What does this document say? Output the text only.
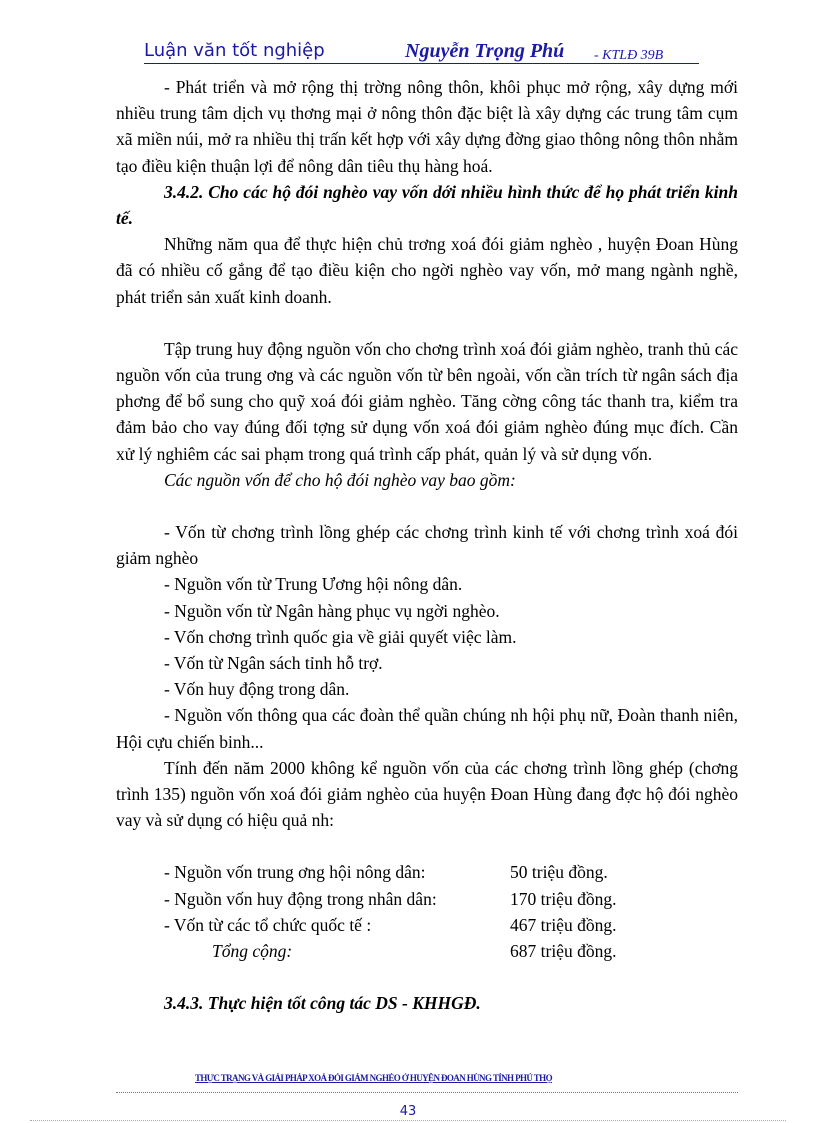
Luận văn tốt nghiệp	Nguyễn Trọng Phú - KTLĐ 39B

- Phát triển và mở rộng thị trờng nông thôn, khôi phục mở rộng, xây dựng mới nhiều trung tâm dịch vụ thơng mại ở nông thôn đặc biệt là xây dựng các trung tâm cụm xã miền núi, mở ra nhiều thị trấn kết hợp với xây dựng đờng giao thông nông thôn nhằm tạo điều kiện thuận lợi để nông dân tiêu thụ hàng hoá.

3.4.2. Cho các hộ đói nghèo vay vốn dới nhiều hình thức để họ phát triển kinh tế.

Những năm qua để thực hiện chủ trơng xoá đói giảm nghèo , huyện Đoan Hùng đã có nhiều cố gắng để tạo điều kiện cho ngời nghèo vay vốn, mở mang ngành nghề, phát triển sản xuất kinh doanh.

Tập trung huy động nguồn vốn cho chơng trình xoá đói giảm nghèo, tranh thủ các nguồn vốn của trung ơng và các nguồn vốn từ bên ngoài, vốn cần trích từ ngân sách địa phơng để bổ sung cho quỹ xoá đói giảm nghèo. Tăng cờng công tác thanh tra, kiểm tra đảm bảo cho vay đúng đối tợng sử dụng vốn xoá đói giảm nghèo đúng mục đích. Cần xử lý nghiêm các sai phạm trong quá trình cấp phát, quản lý và sử dụng vốn.

Các nguồn vốn để cho hộ đói nghèo vay bao gồm:

- Vốn từ chơng trình lồng ghép các chơng trình kinh tế với chơng trình xoá đói giảm nghèo

- Nguồn vốn từ Trung Ương hội nông dân.

- Nguồn vốn từ Ngân hàng phục vụ ngời nghèo.

- Vốn chơng trình quốc gia về giải quyết việc làm.

- Vốn từ Ngân sách tỉnh hỗ trợ.

- Vốn huy động trong dân.

- Nguồn vốn thông qua các đoàn thể quần chúng nh hội phụ nữ, Đoàn thanh niên, Hội cựu chiến binh...

Tính đến năm 2000 không kể nguồn vốn của các chơng trình lồng ghép (chơng trình 135) nguồn vốn xoá đói giảm nghèo của huyện Đoan Hùng đang đợc hộ đói nghèo vay và sử dụng có hiệu quả nh:

- Nguồn vốn trung ơng hội nông dân:	50 triệu đồng.
- Nguồn vốn huy động trong nhân dân:	170 triệu đồng.
- Vốn từ các tổ chức quốc tế :	467 triệu đồng.
Tổng cộng:	687 triệu đồng.

3.4.3. Thực hiện tốt công tác DS - KHHGĐ.

THỰC TRẠNG VÀ GIẢI PHÁP XOÁ ĐÓI GIẢM NGHÈO Ở HUYỆN ĐOAN HÙNG TỈNH PHÚ THỌ
43
